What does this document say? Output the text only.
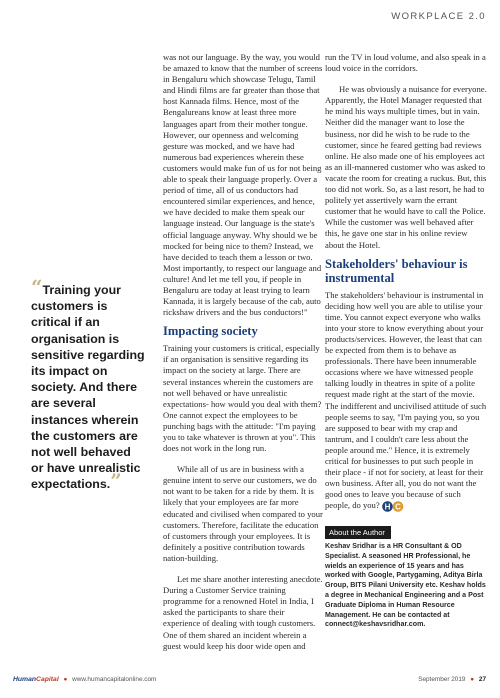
WORKPLACE 2.0
“Training your customers is critical if an organisation is sensitive regarding its impact on society. And there are several instances wherein the customers are not well behaved or have unrealistic expectations.”

was not our language. By the way, you would be amazed to know that the number of screens in Bengaluru which showcase Telugu, Tamil and Hindi films are far greater than those that host Kannada films. Hence, most of the Bengalureans know at least three more languages apart from their mother tongue. However, our openness and welcoming gesture was mocked, and we have had numerous bad experiences wherein these customers would make fun of us for not being able to speak their language properly. Over a period of time, all of us conductors had encountered similar experiences, and hence, we have decided to make them speak our language instead. Our language is the state's official language anyway. Why should we be mocked for being nice to them? Instead, we have decided to teach them a lesson or two. Most importantly, to respect our language and culture! And let me tell you, if people in Bengaluru are today at least trying to learn Kannada, it is largely because of the cab, auto rickshaw drivers and the bus conductors!"

Impacting society

Training your customers is critical, especially if an organisation is sensitive regarding its impact on the society at large. There are several instances wherein the customers are not well behaved or have unrealistic expectations- how would you deal with them? One cannot expect the employees to be punching bags with the attitude: "I'm paying you to take whatever is thrown at you". This does not work in the long run.

While all of us are in business with a genuine intent to serve our customers, we do not want to be taken for a ride by them. It is likely that your employees are far more educated and civilised when compared to your customers. Therefore, facilitate the education of customers through your employees. It is definitely a positive contribution towards nation-building.

Let me share another interesting anecdote. During a Customer Service training programme for a renowned Hotel in India, I asked the participants to share their experience of dealing with tough customers. One of them shared an incident wherein a guest would keep his door wide open and

run the TV in loud volume, and also speak in a loud voice in the corridors.

He was obviously a nuisance for everyone. Apparently, the Hotel Manager requested that he mind his ways multiple times, but in vain. Neither did the manager want to lose the business, nor did he wish to be rude to the customer, since he feared getting bad reviews online. He also made one of his employees act as an ill-mannered customer who was asked to vacate the room for creating a ruckus. But, this too did not work. So, as a last resort, he had to politely yet assertively warn the errant customer that he would have to call the Police. While the customer was well behaved after this, he gave one star in his online review about the Hotel.

Stakeholders' behaviour is instrumental

The stakeholders' behaviour is instrumental in deciding how well you are able to utilise your time. You cannot expect everyone who walks into your store to know everything about your products/services. However, the least that can be expected from them is to behave as professionals. There have been innumerable occasions where we have witnessed people talking loudly in theatres in spite of a polite request made right at the start of the movie. The indifferent and uncivilised attitude of such people seems to say, "I'm paying you, so you are supposed to bear with my crap and tantrum, and I couldn't care less about the people around me." Hence, it is extremely critical for businesses to put such people in their place - if not for society, at least for their own business. After all, you do not want the good ones to leave you because of such people, do you? H C

About the Author
Keshav Sridhar is a HR Consultant & OD Specialist. A seasoned HR Professional, he wields an experience of 15 years and has worked with Google, Partygaming, Aditya Birla Group, BITS Pilani University etc. Keshav holds a degree in Mechanical Engineering and a Post Graduate Diploma in Human Resource Management. He can be contacted at connect@keshavsridhar.com.
HumanCapital ● www.humancapitalonline.com	September 2019 ● 27
